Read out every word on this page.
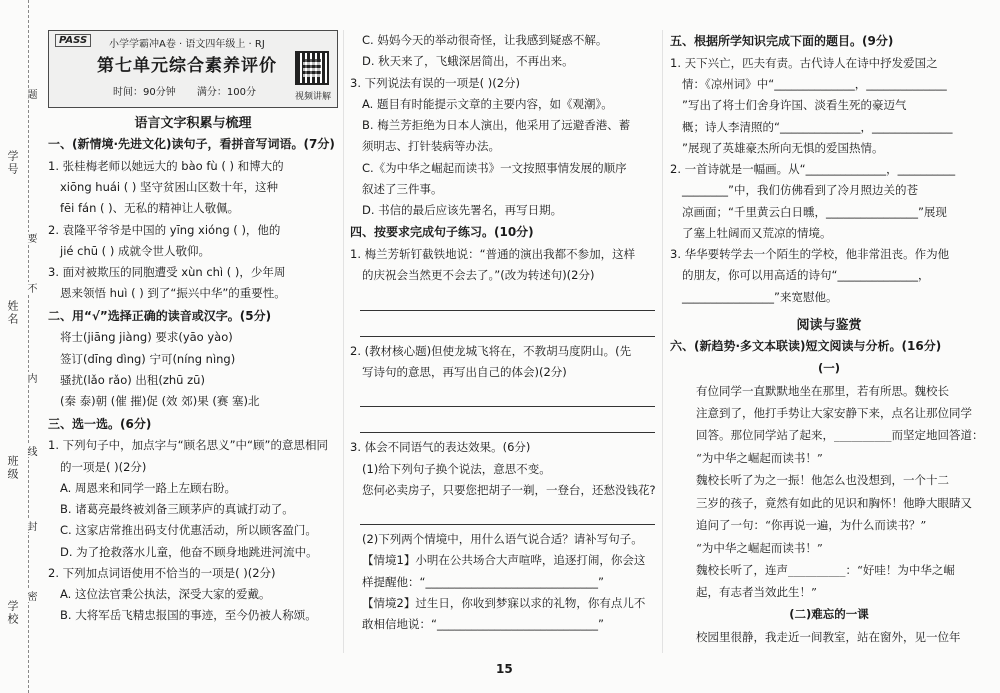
学号
姓名
班级
学校
题
要
不
内
线
封
密
PASS	小学学霸冲A卷 · 语文四年级上 · RJ
第七单元综合素养评价
时间：90分钟 满分：100分	视频讲解
语言文字积累与梳理
一、(新情境·先进文化)读句子，看拼音写词语。(7分)
1. 张桂梅老师以她远大的 bào fù ( ) 和博大的
xiōng huái ( ) 坚守贫困山区数十年，这种
fēi fán ( )、无私的精神让人敬佩。
2. 袁隆平爷爷是中国的 yīng xióng ( )，他的
jié chū ( ) 成就令世人敬仰。
3. 面对被欺压的同胞遭受 xùn chì ( )，少年周
恩来领悟 huì ( ) 到了“振兴中华”的重要性。
二、用“√”选择正确的读音或汉字。(5分)
将士(jiāng jiàng) 要求(yāo yào)
签订(dīng dìng) 宁可(níng nìng)
骚扰(lǎo rǎo) 出租(zhū zū)
(秦 泰)朝 (催 摧)促 (效 郊)果 (赛 塞)北
三、选一选。(6分)
1. 下列句子中，加点字与“顾名思义”中“顾”的意思相同
的一项是( )(2分)
A. 周恩来和同学一路上左顾右盼。
B. 诸葛亮最终被刘备三顾茅庐的真诚打动了。
C. 这家店常推出码支付优惠活动，所以顾客盈门。
D. 为了抢救落水儿童，他奋不顾身地跳进河流中。
2. 下列加点词语使用不恰当的一项是( )(2分)
A. 这位法官秉公执法，深受大家的爱戴。
B. 大将军岳飞精忠报国的事迹，至今仍被人称颂。
C. 妈妈今天的举动很奇怪，让我感到疑惑不解。
D. 秋天来了，飞蛾深居简出，不再出来。
3. 下列说法有误的一项是( )(2分)
A. 题目有时能提示文章的主要内容，如《观潮》。
B. 梅兰芳拒绝为日本人演出，他采用了远避香港、蓄
须明志、打针装病等办法。
C.《为中华之崛起而读书》一文按照事情发展的顺序
叙述了三件事。
D. 书信的最后应该先署名，再写日期。
四、按要求完成句子练习。(10分)
1. 梅兰芳斩钉截铁地说：“普通的演出我都不参加，这样
的庆祝会当然更不会去了。”(改为转述句)(2分)
2. (教材核心题)但使龙城飞将在，不教胡马度阴山。(先
写诗句的意思，再写出自己的体会)(2分)
3. 体会不同语气的表达效果。(6分)
(1)给下列句子换个说法，意思不变。
您何必卖房子，只要您把胡子一剃，一登台，还愁没钱花?
(2)下列两个情境中，用什么语气说合适？请补写句子。
【情境1】小明在公共场合大声喧哗，追逐打闹，你会这
样提醒他：“______________________________”
【情境2】过生日，你收到梦寐以求的礼物，你有点儿不
敢相信地说：“____________________________”
五、根据所学知识完成下面的题目。(9分)
1. 天下兴亡，匹夫有责。古代诗人在诗中抒发爱国之
情：《凉州词》中“______________，______________
”写出了将士们舍身许国、淡看生死的豪迈气
概；诗人李清照的“______________，______________
”展现了英雄豪杰所向无惧的爱国热情。
2. 一首诗就是一幅画。从“______________，__________
________”中，我们仿佛看到了冷月照边关的苍
凉画面；“千里黄云白日曛，________________”展现
了塞上牡阔而又荒凉的情境。
3. 华华要转学去一个陌生的学校，他非常沮丧。作为他
的朋友，你可以用高适的诗句“______________，
________________”来宽慰他。
阅读与鉴赏
六、(新趋势·多文本联读)短文阅读与分析。(16分)
(一)
有位同学一直默默地坐在那里，若有所思。魏校长
注意到了，他打手势让大家安静下来，点名让那位同学
回答。那位同学站了起来，__________而坚定地回答道：
“为中华之崛起而读书！”
魏校长听了为之一振！他怎么也没想到，一个十二
三岁的孩子，竟然有如此的见识和胸怀！他睁大眼睛又
追问了一句：“你再说一遍，为什么而读书？”
“为中华之崛起而读书！”
魏校长听了，连声__________：“好哇！为中华之崛
起，有志者当效此生！”
(二)难忘的一课
校园里很静，我走近一间教室，站在窗外，见一位年
15
